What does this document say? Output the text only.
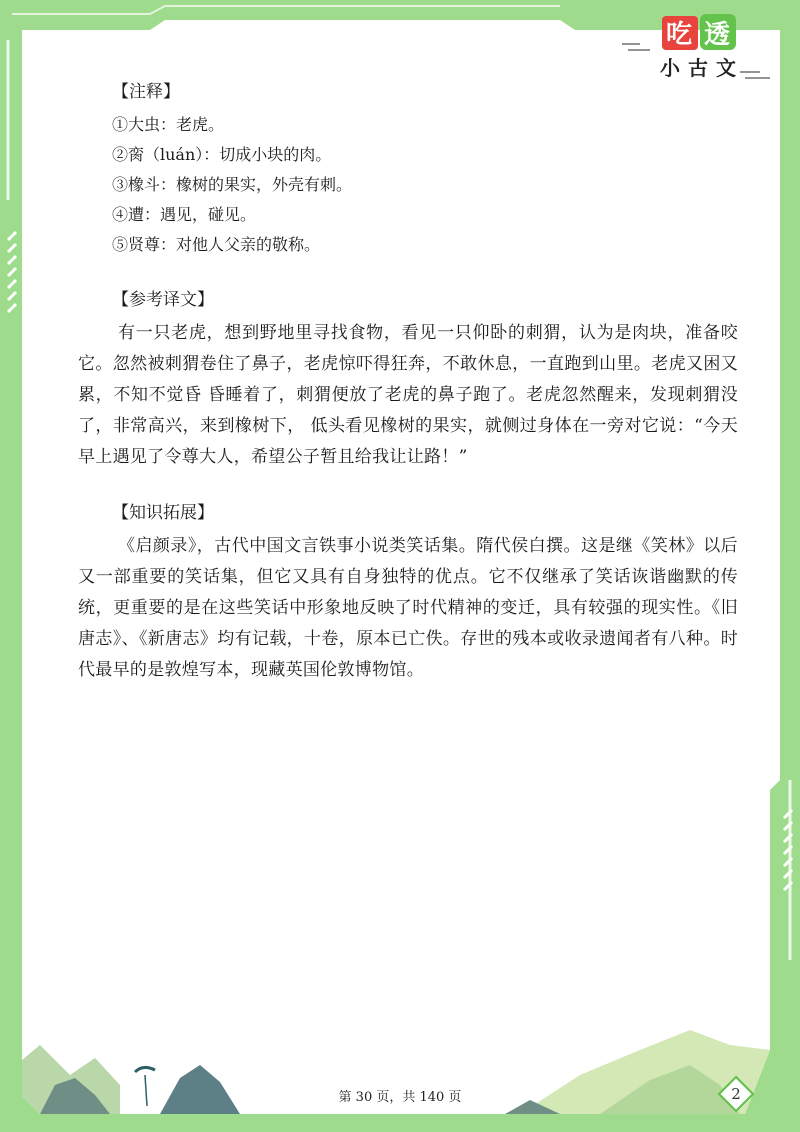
吃 透
小古文
【注释】
①大虫：老虎。
②脔（luán）：切成小块的肉。
③橡斗：橡树的果实，外壳有刺。
④遭：遇见，碰见。
⑤贤尊：对他人父亲的敬称。
【参考译文】

有一只老虎，想到野地里寻找食物，看见一只仰卧的刺猬，认为是肉块，准备咬它。忽然被刺猬卷住了鼻子，老虎惊吓得狂奔，不敢休息，一直跑到山里。老虎又困又累，不知不觉昏 昏睡着了，刺猬便放了老虎的鼻子跑了。老虎忽然醒来，发现刺猬没了，非常高兴，来到橡树下， 低头看见橡树的果实，就侧过身体在一旁对它说：“今天早上遇见了令尊大人，希望公子暂且给我让让路！”

【知识拓展】

《启颜录》，古代中国文言铁事小说类笑话集。隋代侯白撰。这是继《笑林》以后又一部重要的笑话集，但它又具有自身独特的优点。它不仅继承了笑话诙谐幽默的传统，更重要的是在这些笑话中形象地反映了时代精神的变迁，具有较强的现实性。《旧唐志》、《新唐志》均有记载，十卷，原本已亡佚。存世的残本或收录遗闻者有八种。时代最早的是敦煌写本，现藏英国伦敦博物馆。

第 30 页，共 140 页	2
